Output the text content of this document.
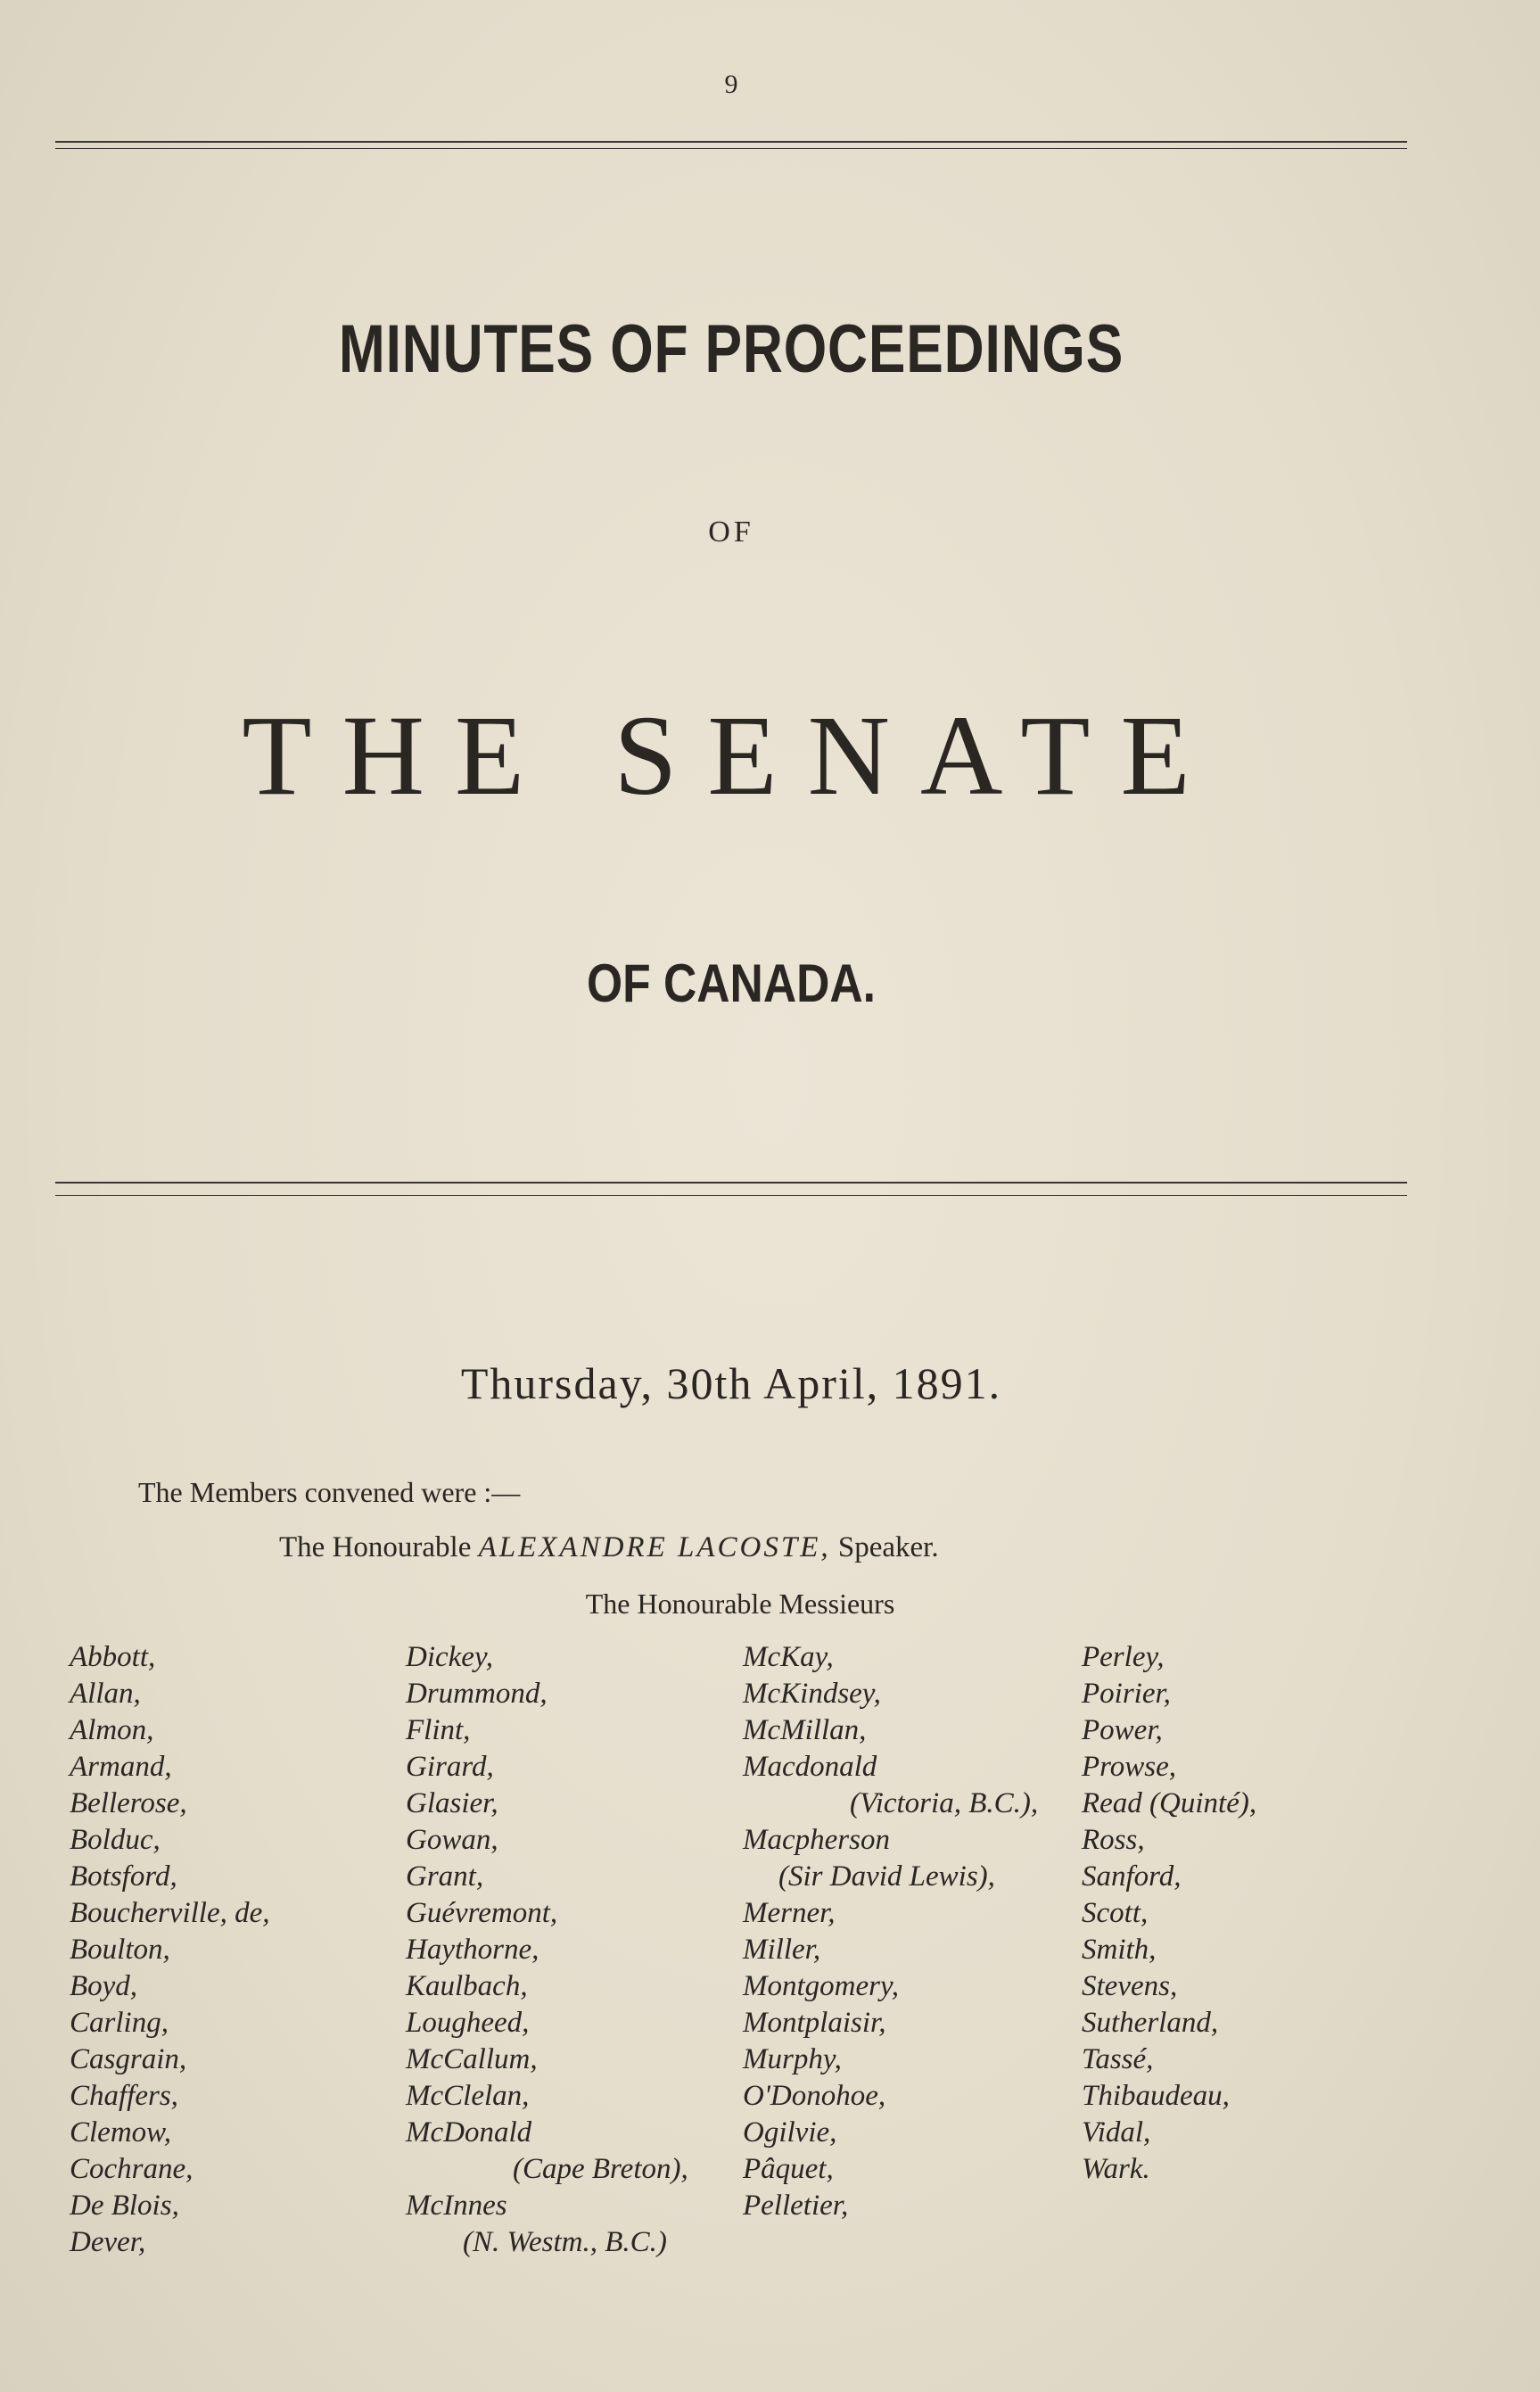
9
MINUTES OF PROCEEDINGS
OF
THE SENATE
OF CANADA.
Thursday, 30th April, 1891.
The Members convened were :—
The Honourable ALEXANDRE LACOSTE, Speaker.
The Honourable Messieurs
Abbott,
Allan,
Almon,
Armand,
Bellerose,
Bolduc,
Botsford,
Boucherville, de,
Boulton,
Boyd,
Carling,
Casgrain,
Chaffers,
Clemow,
Cochrane,
De Blois,
Dever,
Dickey,
Drummond,
Flint,
Girard,
Glasier,
Gowan,
Grant,
Guévremont,
Haythorne,
Kaulbach,
Lougheed,
McCallum,
McClelan,
McDonald
(Cape Breton),
McInnes
(N. Westm., B.C.)
McKay,
McKindsey,
McMillan,
Macdonald
(Victoria, B.C.),
Macpherson
(Sir David Lewis),
Merner,
Miller,
Montgomery,
Montplaisir,
Murphy,
O'Donohoe,
Ogilvie,
Pâquet,
Pelletier,
Perley,
Poirier,
Power,
Prowse,
Read (Quinté),
Ross,
Sanford,
Scott,
Smith,
Stevens,
Sutherland,
Tassé,
Thibaudeau,
Vidal,
Wark.
